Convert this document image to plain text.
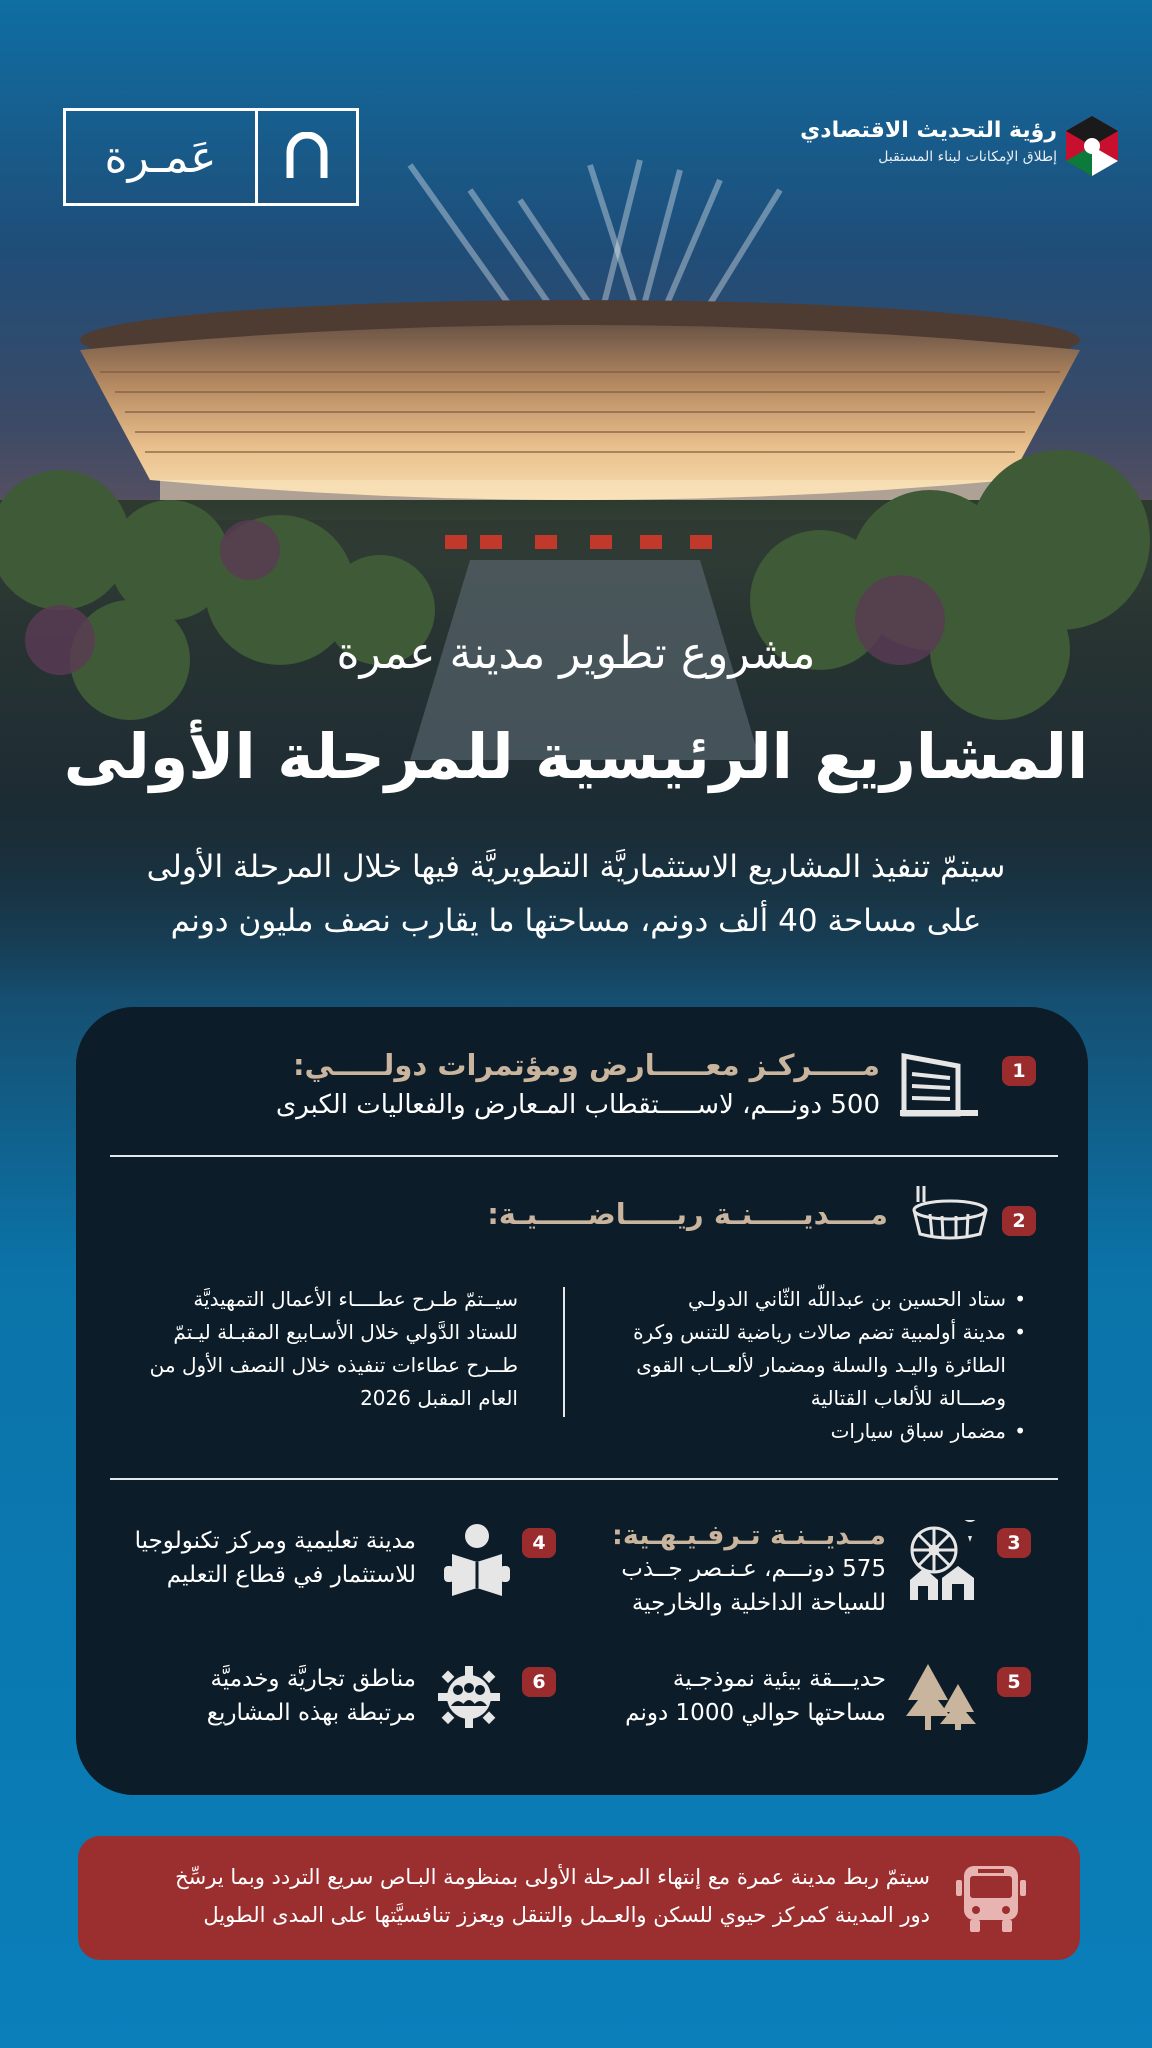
عَمـرة
رؤية التحديث الاقتصادي
إطلاق الإمكانات لبناء المستقبل
مشروع تطوير مدينة عمرة
المشاريع الرئيسية للمرحلة الأولى
سيتمّ تنفيذ المشاريع الاستثماريَّة التطويريَّة فيها خلال المرحلة الأولى
على مساحة 40 ألف دونم، مساحتها ما يقارب نصف مليون دونم
1
مـــــركـز معـــــارض ومؤتمرات دولـــــي:
500 دونـــم، لاســـــتقطاب المـعارض والفعاليات الكبرى
2
مــــديـــــنـة ريـــــاضـــــيـة:
• ستاد الحسين بن عبداللّه الثّاني الدولـي
• مدينة أولمبية تضم صالات رياضية للتنس وكرة
الطائرة واليـد والسلة ومضمار لألعــاب القوى
وصـــالة للألعاب القتالية
• مضمار سباق سيارات
سيــتمّ طـرح عطــــاء الأعمال التمهيديَّة
للستاد الدَّولي خلال الأسـابيع المقبـلة ليـتمّ
طــرح عطاءات تنفيذه خلال النصف الأول من
العام المقبل 2026
3
مــديــنـة تـرفـيـهـية:
575 دونـــم، عـنـصر جــذب
للسياحة الداخلية والخارجية
4
مدينة تعليمية ومركز تكنولوجيا
للاستثمار في قطاع التعليم
5
حديـــقة بيئية نموذجـية
مساحتها حوالي 1000 دونم
6
مناطق تجاريَّة وخدميَّة
مرتبطة بهذه المشاريع
سيتمّ ربط مدينة عمرة مع إنتهاء المرحلة الأولى بمنظومة البـاص سريع التردد وبما يرسِّخ
دور المدينة كمركز حيوي للسكن والعـمل والتنقل ويعزز تنافسيَّتها على المدى الطويل
